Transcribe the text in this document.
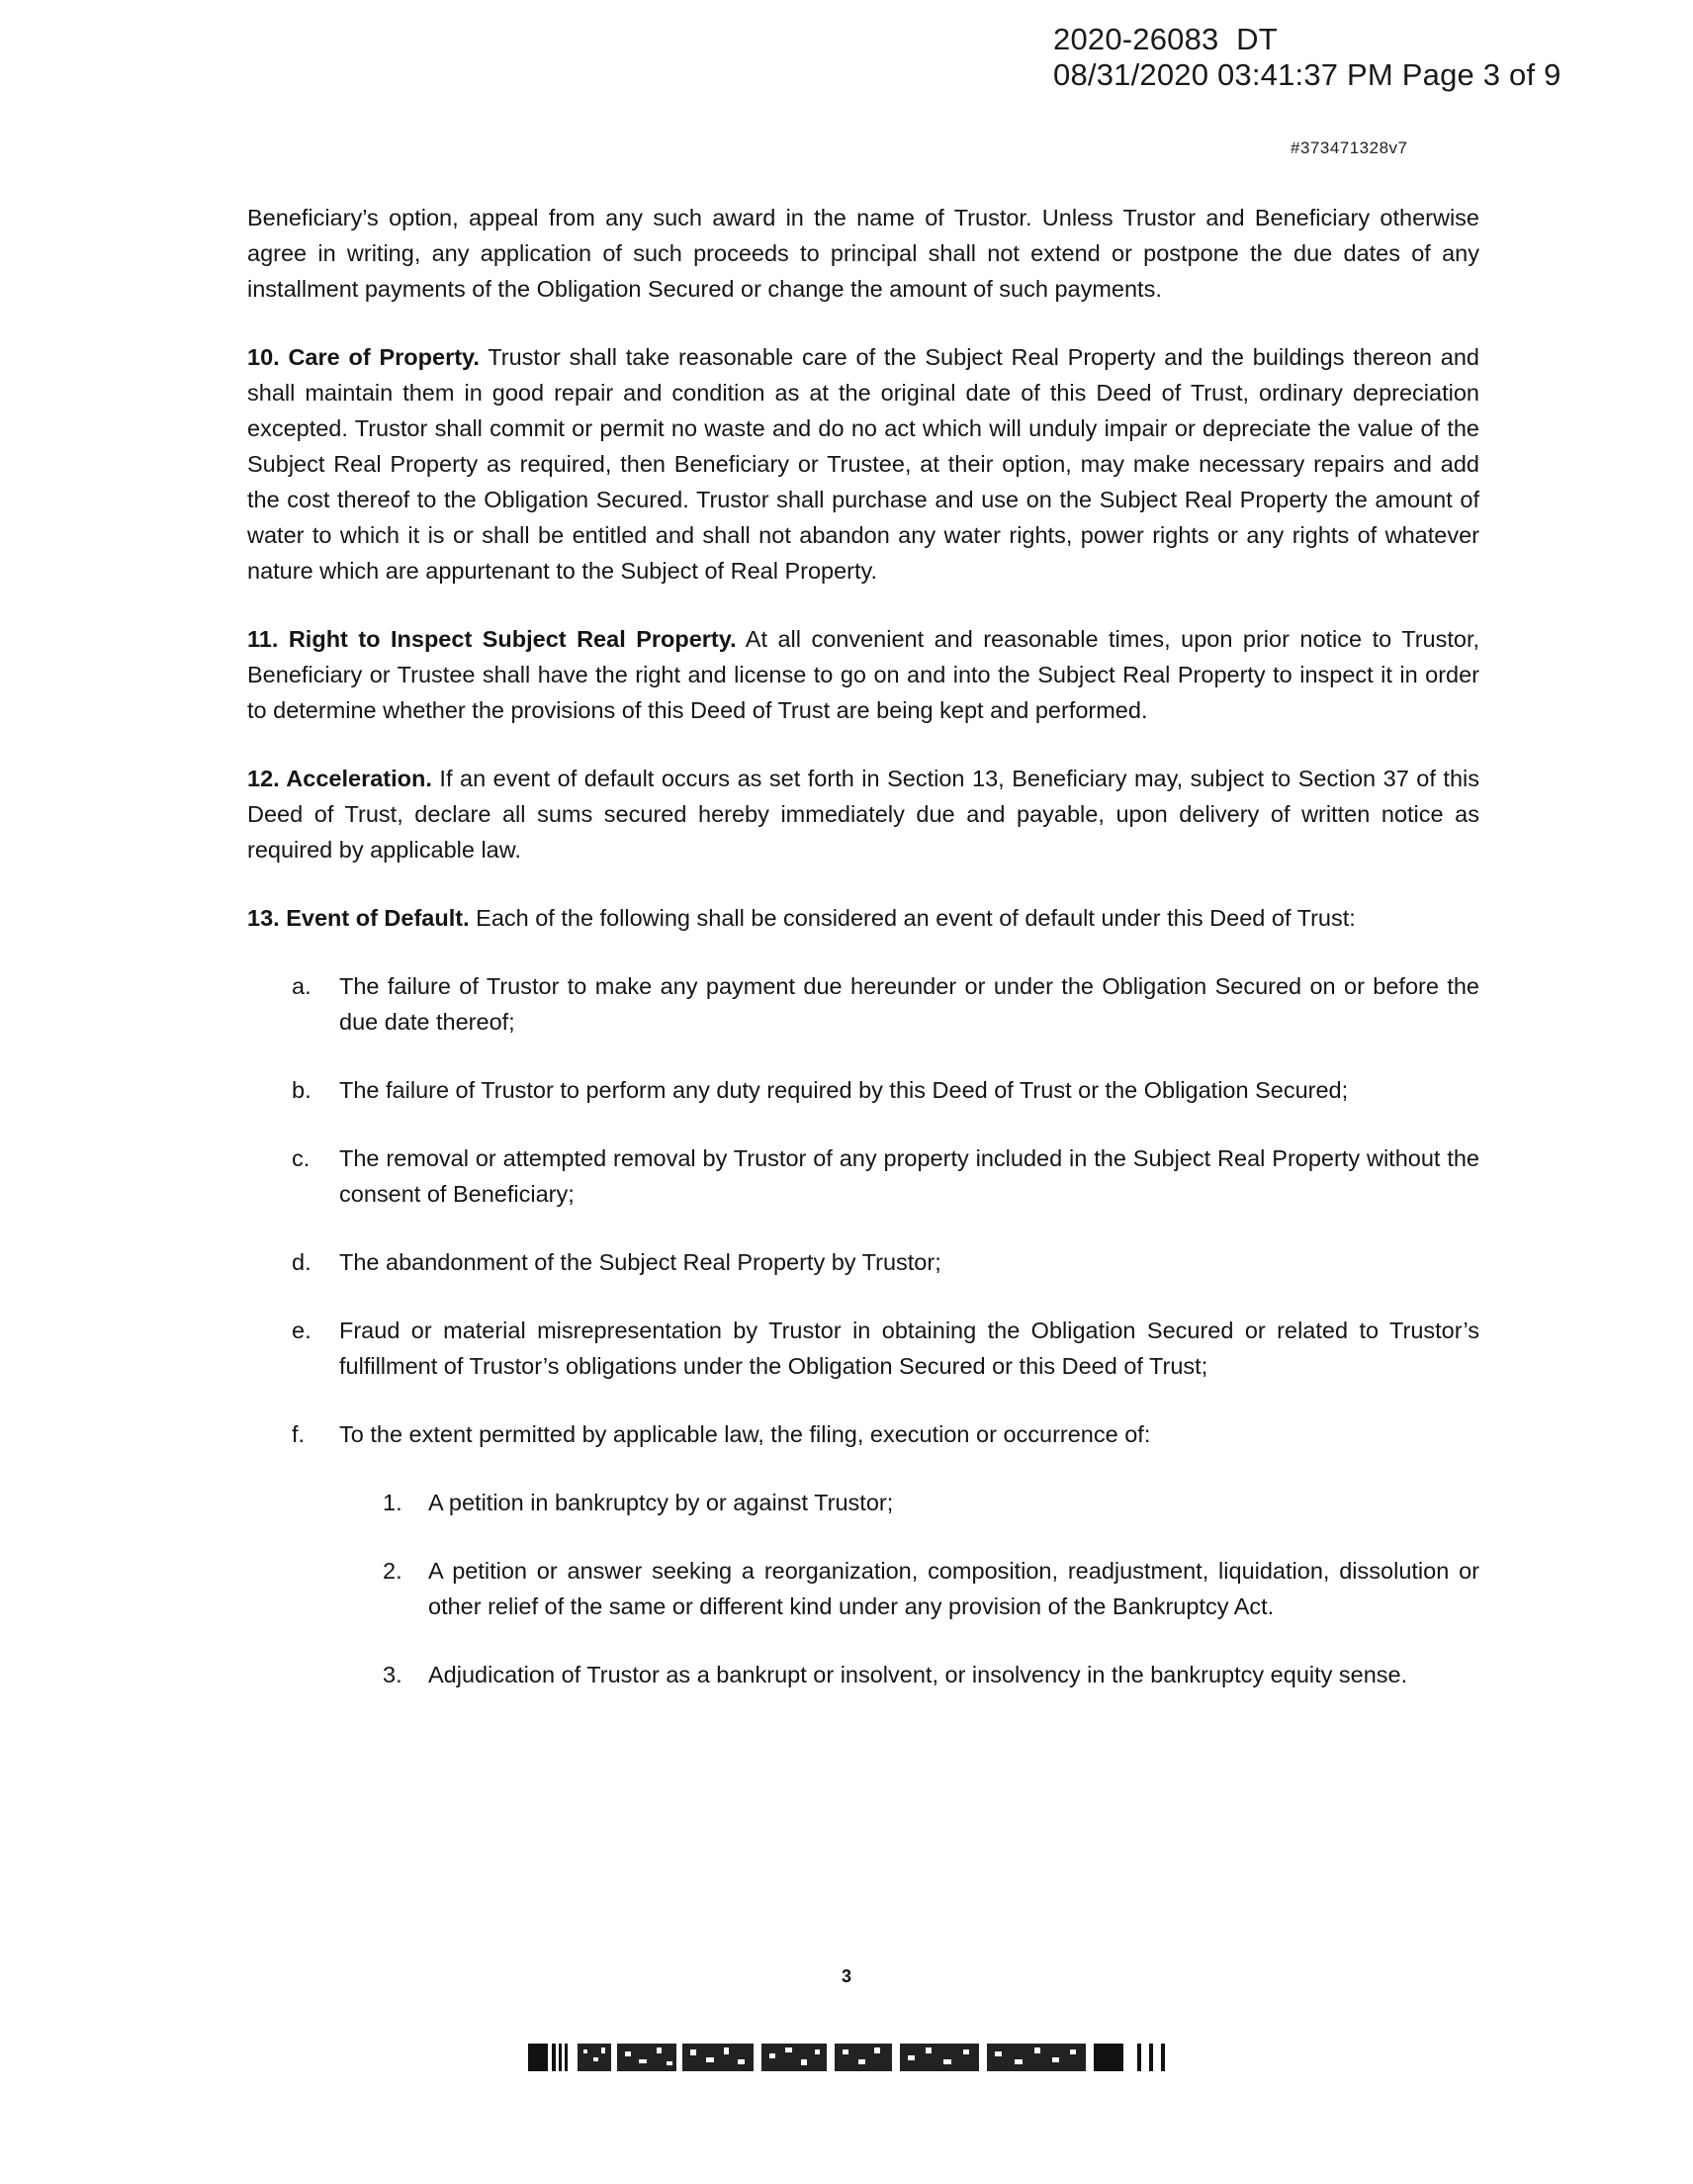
2020-26083  DT
08/31/2020 03:41:37 PM Page 3 of 9
#373471328v7

Beneficiary’s option, appeal from any such award in the name of Trustor. Unless Trustor and Beneficiary otherwise agree in writing, any application of such proceeds to principal shall not extend or postpone the due dates of any installment payments of the Obligation Secured or change the amount of such payments.

10. Care of Property. Trustor shall take reasonable care of the Subject Real Property and the buildings thereon and shall maintain them in good repair and condition as at the original date of this Deed of Trust, ordinary depreciation excepted. Trustor shall commit or permit no waste and do no act which will unduly impair or depreciate the value of the Subject Real Property as required, then Beneficiary or Trustee, at their option, may make necessary repairs and add the cost thereof to the Obligation Secured. Trustor shall purchase and use on the Subject Real Property the amount of water to which it is or shall be entitled and shall not abandon any water rights, power rights or any rights of whatever nature which are appurtenant to the Subject of Real Property.

11. Right to Inspect Subject Real Property. At all convenient and reasonable times, upon prior notice to Trustor, Beneficiary or Trustee shall have the right and license to go on and into the Subject Real Property to inspect it in order to determine whether the provisions of this Deed of Trust are being kept and performed.

12. Acceleration. If an event of default occurs as set forth in Section 13, Beneficiary may, subject to Section 37 of this Deed of Trust, declare all sums secured hereby immediately due and payable, upon delivery of written notice as required by applicable law.

13. Event of Default. Each of the following shall be considered an event of default under this Deed of Trust:

a.	The failure of Trustor to make any payment due hereunder or under the Obligation Secured on or before the due date thereof;
b.	The failure of Trustor to perform any duty required by this Deed of Trust or the Obligation Secured;
c.	The removal or attempted removal by Trustor of any property included in the Subject Real Property without the consent of Beneficiary;
d.	The abandonment of the Subject Real Property by Trustor;
e.	Fraud or material misrepresentation by Trustor in obtaining the Obligation Secured or related to Trustor’s fulfillment of Trustor’s obligations under the Obligation Secured or this Deed of Trust;
f.	To the extent permitted by applicable law, the filing, execution or occurrence of:
1.	A petition in bankruptcy by or against Trustor;
2.	A petition or answer seeking a reorganization, composition, readjustment, liquidation, dissolution or other relief of the same or different kind under any provision of the Bankruptcy Act.
3.	Adjudication of Trustor as a bankrupt or insolvent, or insolvency in the bankruptcy equity sense.
3
